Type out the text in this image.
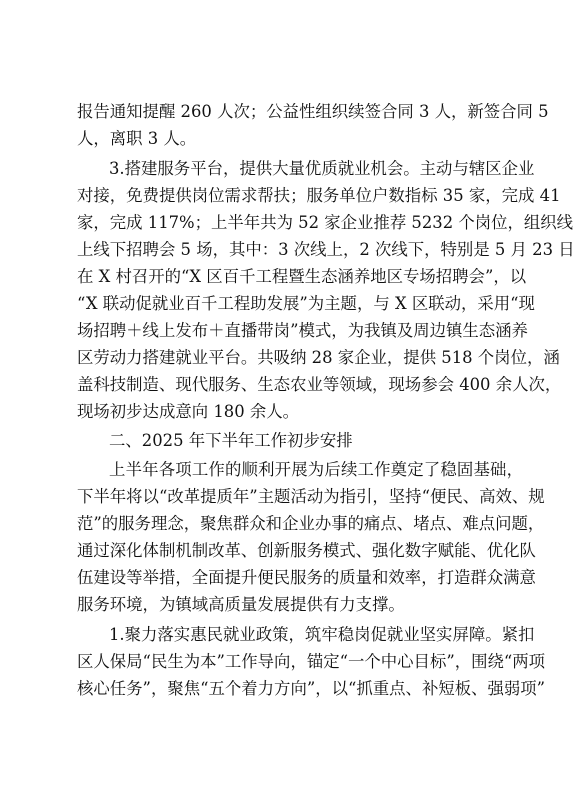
报告通知提醒 260 人次；公益性组织续签合同 3 人，新签合同 5
人，离职 3 人。
3.搭建服务平台，提供大量优质就业机会。主动与辖区企业
对接，免费提供岗位需求帮扶；服务单位户数指标 35 家，完成 41
家，完成 117%；上半年共为 52 家企业推荐 5232 个岗位，组织线
上线下招聘会 5 场，其中：3 次线上，2 次线下，特别是 5 月 23 日
在 X 村召开的“X 区百千工程暨生态涵养地区专场招聘会”，以
“X 联动促就业百千工程助发展”为主题，与 X 区联动，采用“现
场招聘＋线上发布＋直播带岗”模式，为我镇及周边镇生态涵养
区劳动力搭建就业平台。共吸纳 28 家企业，提供 518 个岗位，涵
盖科技制造、现代服务、生态农业等领域，现场参会 400 余人次，
现场初步达成意向 180 余人。
二、2025 年下半年工作初步安排
上半年各项工作的顺利开展为后续工作奠定了稳固基础，
下半年将以“改革提质年”主题活动为指引，坚持“便民、高效、规
范”的服务理念，聚焦群众和企业办事的痛点、堵点、难点问题，
通过深化体制机制改革、创新服务模式、强化数字赋能、优化队
伍建设等举措，全面提升便民服务的质量和效率，打造群众满意
服务环境，为镇域高质量发展提供有力支撑。
1.聚力落实惠民就业政策，筑牢稳岗促就业坚实屏障。紧扣
区人保局“民生为本”工作导向，锚定“一个中心目标”，围绕“两项
核心任务”，聚焦“五个着力方向”，以“抓重点、补短板、强弱项”
